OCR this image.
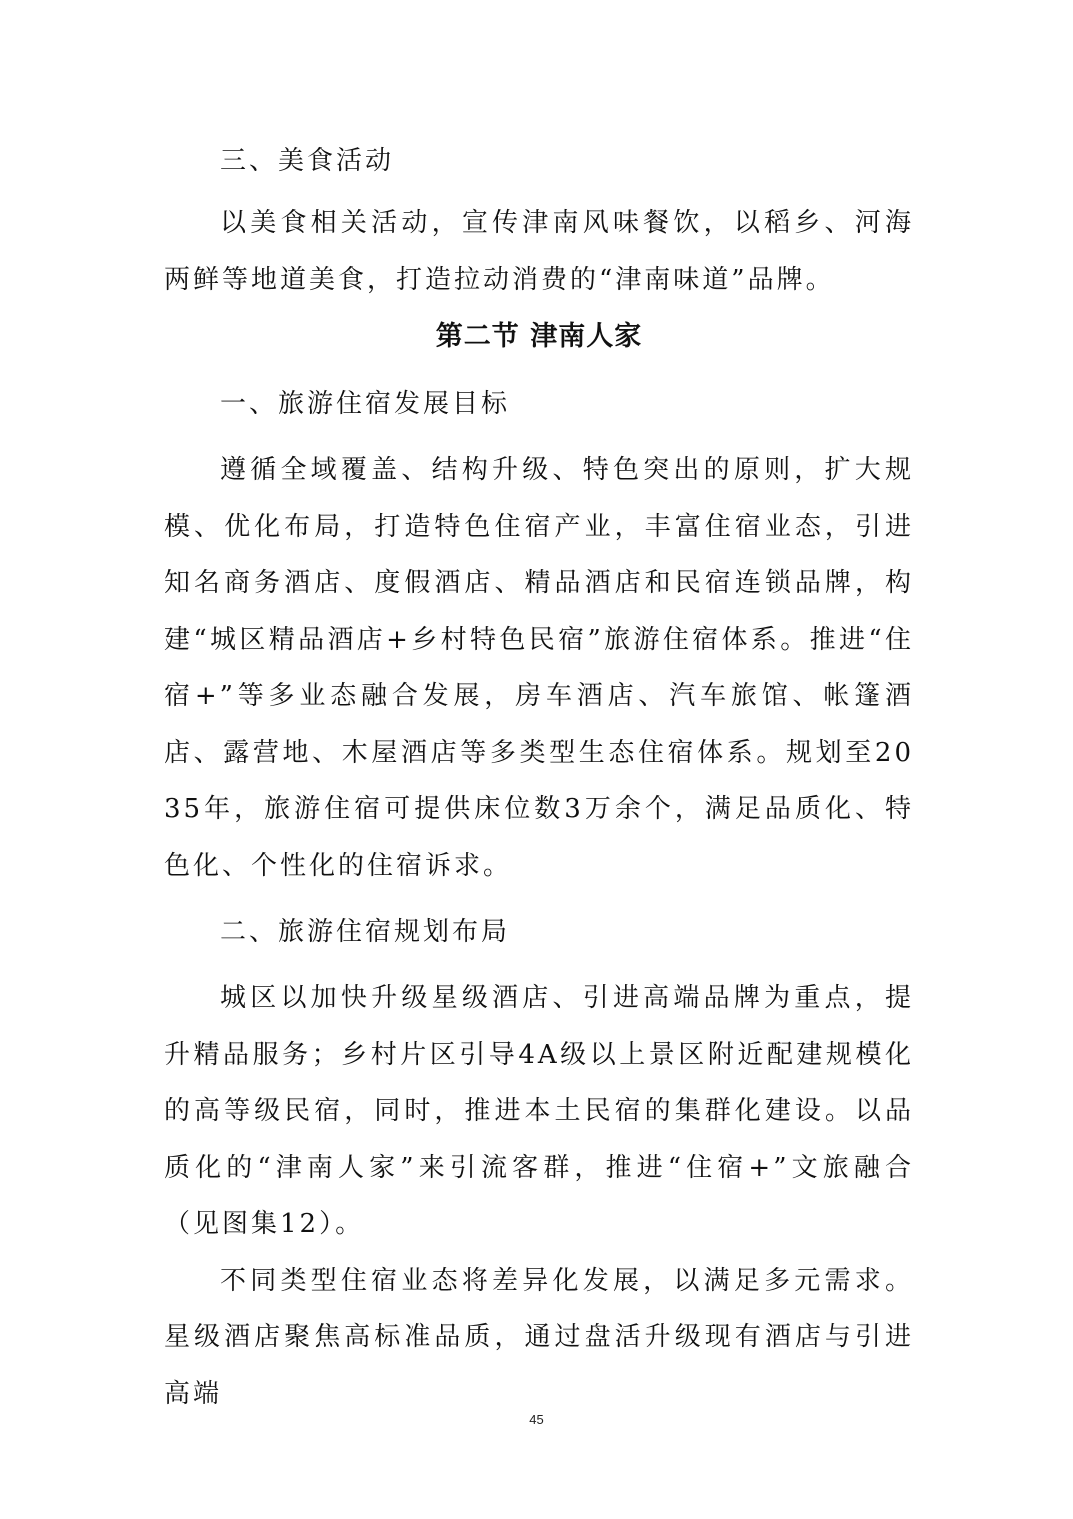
三、美食活动

以美食相关活动，宣传津南风味餐饮，以稻乡、河海两鲜等地道美食，打造拉动消费的“津南味道”品牌。

第二节 津南人家
一、旅游住宿发展目标

遵循全域覆盖、结构升级、特色突出的原则，扩大规模、优化布局，打造特色住宿产业，丰富住宿业态，引进知名商务酒店、度假酒店、精品酒店和民宿连锁品牌，构建“城区精品酒店+乡村特色民宿”旅游住宿体系。推进“住宿+”等多业态融合发展，房车酒店、汽车旅馆、帐篷酒店、露营地、木屋酒店等多类型生态住宿体系。规划至2035年，旅游住宿可提供床位数3万余个，满足品质化、特色化、个性化的住宿诉求。

二、旅游住宿规划布局

城区以加快升级星级酒店、引进高端品牌为重点，提升精品服务；乡村片区引导4A级以上景区附近配建规模化的高等级民宿，同时，推进本土民宿的集群化建设。以品质化的“津南人家”来引流客群，推进“住宿+”文旅融合（见图集12）。

不同类型住宿业态将差异化发展，以满足多元需求。星级酒店聚焦高标准品质，通过盘活升级现有酒店与引进高端

45
